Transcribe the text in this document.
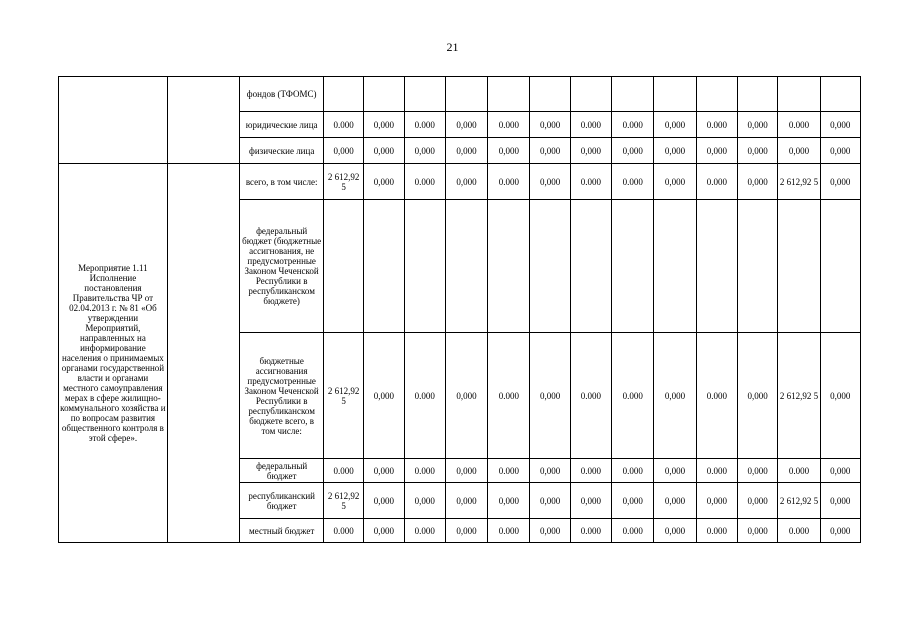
21
		фондов (ТФОМС)													
		юридические лица	0.000	0,000	0.000	0,000	0.000	0,000	0.000	0.000	0,000	0.000	0,000	0.000	0,000
		физические лица	0,000	0,000	0,000	0,000	0,000	0,000	0,000	0,000	0,000	0,000	0,000	0,000	0,000
Мероприятие 1.11 Исполнение постановления Правительства ЧР от 02.04.2013 г. № 81 «Об утверждении Мероприятий, направленных на информирование населения о принимаемых органами государственной власти и органами местного самоуправления мерах в сфере жилищно-коммунального хозяйства и по вопросам развития общественного контроля в этой сфере».		всего, в том числе:	2 612,92 5	0,000	0.000	0,000	0.000	0,000	0.000	0.000	0,000	0.000	0,000	2 612,92 5	0,000
		федеральный бюджет (бюджетные ассигнования, не предусмотренные Законом Чеченской Республики в республиканском бюджете)													
		бюджетные ассигнования предусмотренные Законом Чеченской Республики в республиканском бюджете всего, в том числе:	2 612,92 5	0,000	0.000	0,000	0.000	0,000	0.000	0.000	0,000	0.000	0,000	2 612,92 5	0,000
		федеральный бюджет	0.000	0,000	0.000	0,000	0.000	0,000	0.000	0.000	0,000	0.000	0,000	0.000	0,000
		республиканский бюджет	2 612,92 5	0,000	0,000	0,000	0,000	0,000	0,000	0,000	0,000	0,000	0,000	2 612,92 5	0,000
		местный бюджет	0.000	0,000	0.000	0,000	0.000	0,000	0.000	0.000	0,000	0.000	0,000	0.000	0,000
